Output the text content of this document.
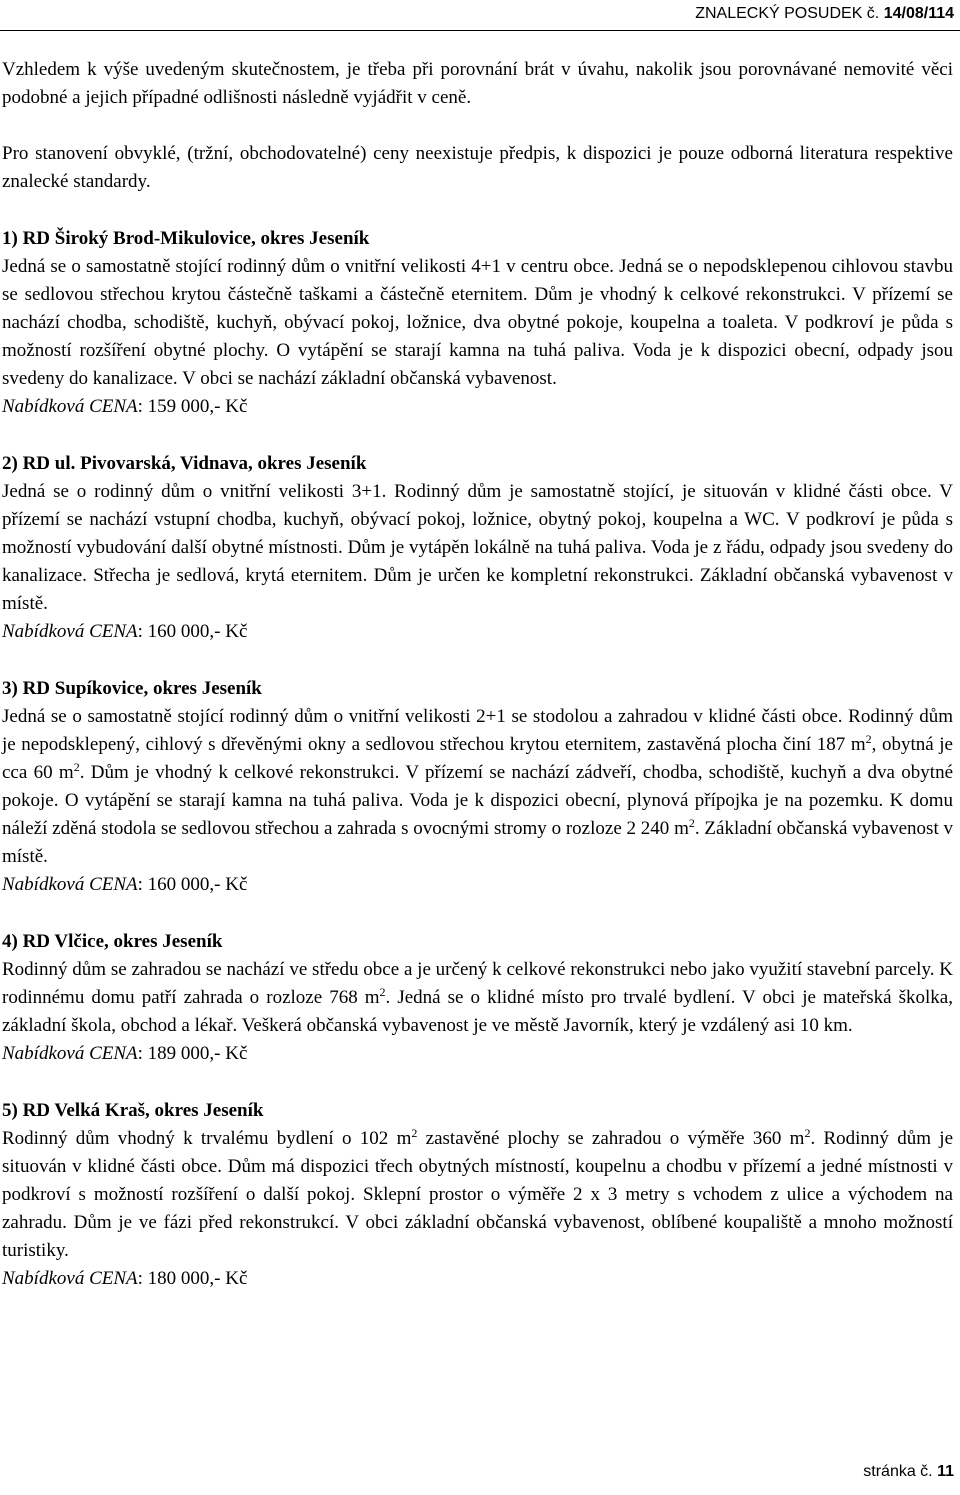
ZNALECKÝ POSUDEK č. 14/08/114

Vzhledem k výše uvedeným skutečnostem, je třeba při porovnání brát v úvahu, nakolik jsou porovnávané nemovité věci podobné a jejich případné odlišnosti následně vyjádřit v ceně.

Pro stanovení obvyklé, (tržní, obchodovatelné) ceny neexistuje předpis, k dispozici je pouze odborná literatura respektive znalecké standardy.

1) RD Široký Brod-Mikulovice, okres Jeseník

Jedná se o samostatně stojící rodinný dům o vnitřní velikosti 4+1 v centru obce. Jedná se o nepodsklepenou cihlovou stavbu se sedlovou střechou krytou částečně taškami a částečně eternitem. Dům je vhodný k celkové rekonstrukci. V přízemí se nachází chodba, schodiště, kuchyň, obývací pokoj, ložnice, dva obytné pokoje, koupelna a toaleta. V podkroví je půda s možností rozšíření obytné plochy. O vytápění se starají kamna na tuhá paliva. Voda je k dispozici obecní, odpady jsou svedeny do kanalizace. V obci se nachází základní občanská vybavenost.

Nabídková CENA: 159 000,- Kč

2) RD ul. Pivovarská, Vidnava, okres Jeseník

Jedná se o rodinný dům o vnitřní velikosti 3+1. Rodinný dům je samostatně stojící, je situován v klidné části obce. V přízemí se nachází vstupní chodba, kuchyň, obývací pokoj, ložnice, obytný pokoj, koupelna a WC. V podkroví je půda s možností vybudování další obytné místnosti. Dům je vytápěn lokálně na tuhá paliva. Voda je z řádu, odpady jsou svedeny do kanalizace. Střecha je sedlová, krytá eternitem. Dům je určen ke kompletní rekonstrukci. Základní občanská vybavenost v místě.

Nabídková CENA: 160 000,- Kč

3) RD Supíkovice, okres Jeseník

Jedná se o samostatně stojící rodinný dům o vnitřní velikosti 2+1 se stodolou a zahradou v klidné části obce. Rodinný dům je nepodsklepený, cihlový s dřevěnými okny a sedlovou střechou krytou eternitem, zastavěná plocha činí 187 $m^2$, obytná je cca 60 $m^2$. Dům je vhodný k celkové rekonstrukci. V přízemí se nachází zádveří, chodba, schodiště, kuchyň a dva obytné pokoje. O vytápění se starají kamna na tuhá paliva. Voda je k dispozici obecní, plynová přípojka je na pozemku. K domu náleží zděná stodola se sedlovou střechou a zahrada s ovocnými stromy o rozloze 2 240 $m^2$. Základní občanská vybavenost v místě.

Nabídková CENA: 160 000,- Kč

4) RD Vlčice, okres Jeseník

Rodinný dům se zahradou se nachází ve středu obce a je určený k celkové rekonstrukci nebo jako využití stavební parcely. K rodinnému domu patří zahrada o rozloze 768 $m^2$. Jedná se o klidné místo pro trvalé bydlení. V obci je mateřská školka, základní škola, obchod a lékař. Veškerá občanská vybavenost je ve městě Javorník, který je vzdálený asi 10 km.

Nabídková CENA: 189 000,- Kč

5) RD Velká Kraš, okres Jeseník

Rodinný dům vhodný k trvalému bydlení o 102 $m^2$ zastavěné plochy se zahradou o výměře 360 $m^2$. Rodinný dům je situován v klidné části obce. Dům má dispozici třech obytných místností, koupelnu a chodbu v přízemí a jedné místnosti v podkroví s možností rozšíření o další pokoj. Sklepní prostor o výměře 2 x 3 metry s vchodem z ulice a východem na zahradu. Dům je ve fázi před rekonstrukcí. V obci základní občanská vybavenost, oblíbené koupaliště a mnoho možností turistiky.

Nabídková CENA: 180 000,- Kč

stránka č. 11
